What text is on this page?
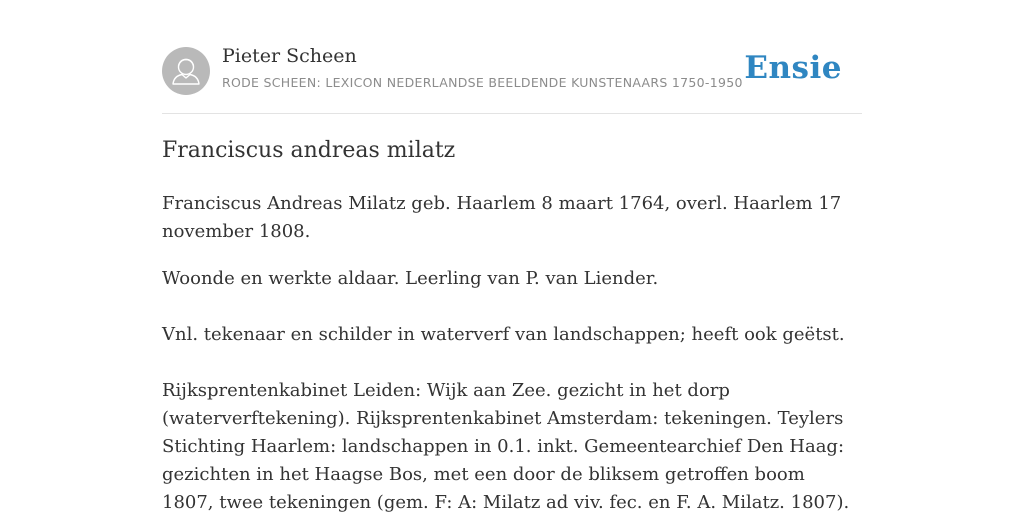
Pieter Scheen
RODE SCHEEN: LEXICON NEDERLANDSE BEELDENDE KUNSTENAARS 1750-1950 Ensie
Franciscus andreas milatz

Franciscus Andreas Milatz geb. Haarlem 8 maart 1764, overl. Haarlem 17 november 1808.

Woonde en werkte aldaar. Leerling van P. van Liender.

Vnl. tekenaar en schilder in waterverf van landschappen; heeft ook geëtst.

Rijksprentenkabinet Leiden: Wijk aan Zee. gezicht in het dorp (waterverftekening). Rijksprentenkabinet Amsterdam: tekeningen. Teylers Stichting Haarlem: landschappen in 0.1. inkt. Gemeentearchief Den Haag: gezichten in het Haagse Bos, met een door de bliksem getroffen boom 1807, twee tekeningen (gem. F: A: Milatz ad viv. fec. en F. A. Milatz. 1807).
